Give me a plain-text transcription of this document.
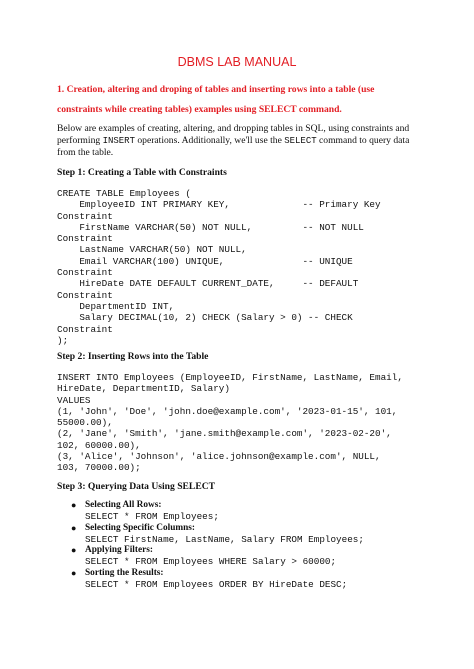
DBMS LAB MANUAL
1. Creation, altering and droping of tables and inserting rows into a table (use constraints while creating tables) examples using SELECT command.
Below are examples of creating, altering, and dropping tables in SQL, using constraints and performing INSERT operations. Additionally, we'll use the SELECT command to query data from the table.
Step 1: Creating a Table with Constraints
CREATE TABLE Employees (
EmployeeID INT PRIMARY KEY,             -- Primary Key
Constraint
FirstName VARCHAR(50) NOT NULL,         -- NOT NULL
Constraint
LastName VARCHAR(50) NOT NULL,
Email VARCHAR(100) UNIQUE,              -- UNIQUE
Constraint
HireDate DATE DEFAULT CURRENT_DATE,     -- DEFAULT
Constraint
DepartmentID INT,
Salary DECIMAL(10, 2) CHECK (Salary > 0) -- CHECK
Constraint
);
Step 2: Inserting Rows into the Table
INSERT INTO Employees (EmployeeID, FirstName, LastName, Email,
HireDate, DepartmentID, Salary)
VALUES
(1, 'John', 'Doe', 'john.doe@example.com', '2023-01-15', 101,
55000.00),
(2, 'Jane', 'Smith', 'jane.smith@example.com', '2023-02-20',
102, 60000.00),
(3, 'Alice', 'Johnson', 'alice.johnson@example.com', NULL,
103, 70000.00);
Step 3: Querying Data Using SELECT
● Selecting All Rows:
SELECT * FROM Employees;
● Selecting Specific Columns:
SELECT FirstName, LastName, Salary FROM Employees;
● Applying Filters:
SELECT * FROM Employees WHERE Salary > 60000;
● Sorting the Results:
SELECT * FROM Employees ORDER BY HireDate DESC;
